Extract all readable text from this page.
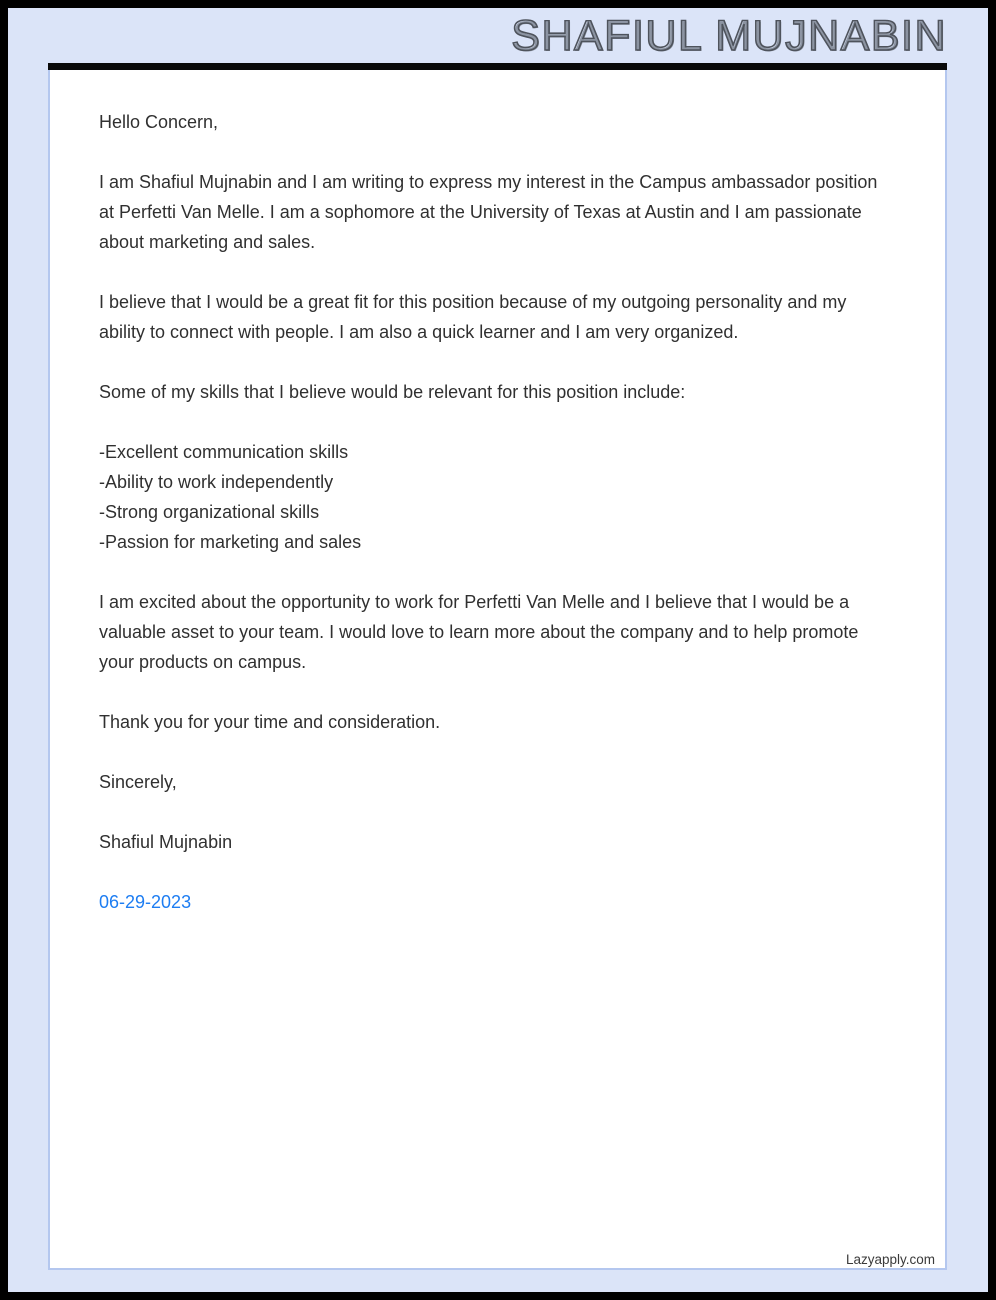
SHAFIUL MUJNABIN

Hello Concern,

I am Shafiul Mujnabin and I am writing to express my interest in the Campus ambassador position at Perfetti Van Melle. I am a sophomore at the University of Texas at Austin and I am passionate about marketing and sales.

I believe that I would be a great fit for this position because of my outgoing personality and my ability to connect with people. I am also a quick learner and I am very organized.

Some of my skills that I believe would be relevant for this position include:

-Excellent communication skills
-Ability to work independently
-Strong organizational skills
-Passion for marketing and sales

I am excited about the opportunity to work for Perfetti Van Melle and I believe that I would be a valuable asset to your team. I would love to learn more about the company and to help promote your products on campus.

Thank you for your time and consideration.

Sincerely,

Shafiul Mujnabin

06-29-2023
Lazyapply.com
